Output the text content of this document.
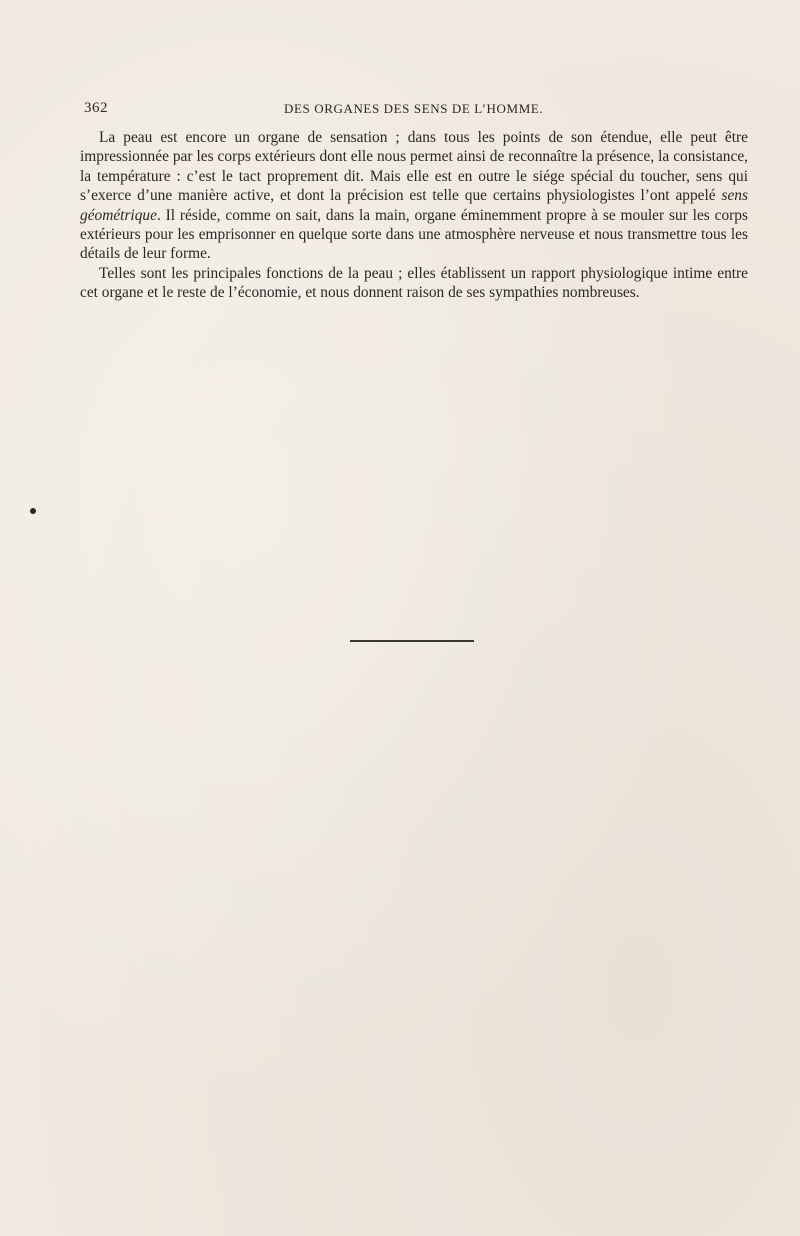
362	DES ORGANES DES SENS DE L’HOMME.

La peau est encore un organe de sensation ; dans tous les points de son étendue, elle peut être impressionnée par les corps extérieurs dont elle nous permet ainsi de reconnaître la présence, la consistance, la température : c’est le tact proprement dit. Mais elle est en outre le siége spécial du toucher, sens qui s’exerce d’une manière active, et dont la précision est telle que certains physiologistes l’ont appelé sens géométrique. Il réside, comme on sait, dans la main, organe éminemment propre à se mouler sur les corps extérieurs pour les emprisonner en quelque sorte dans une atmosphère nerveuse et nous transmettre tous les détails de leur forme.

Telles sont les principales fonctions de la peau ; elles établissent un rapport physiologique intime entre cet organe et le reste de l’économie, et nous donnent raison de ses sympathies nombreuses.
